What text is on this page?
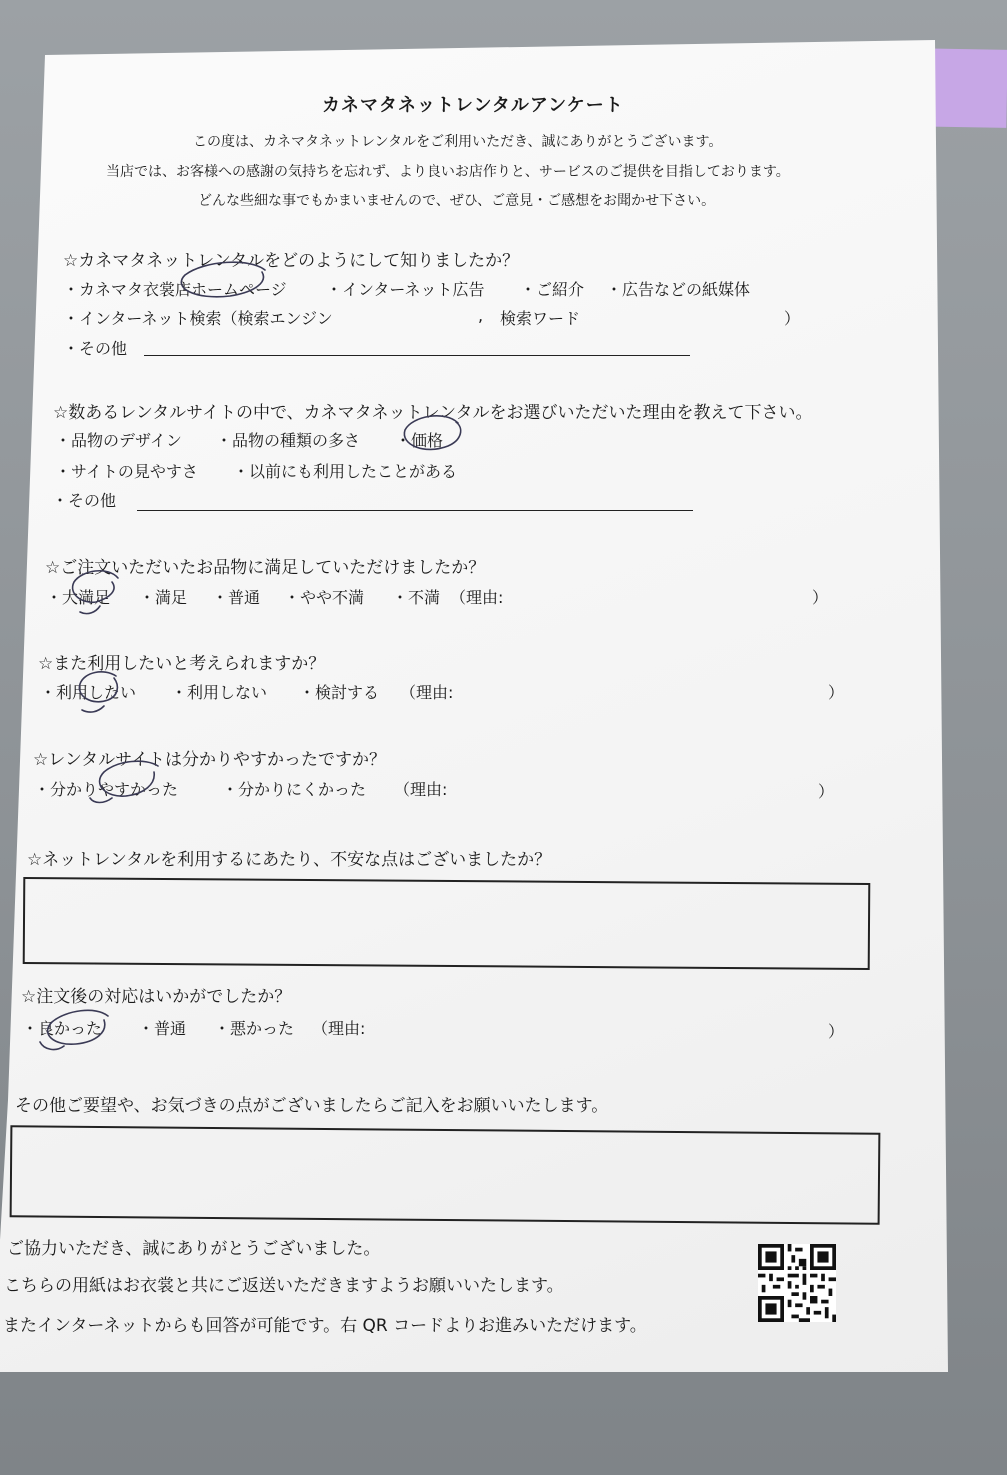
カネマタネットレンタルアンケート
この度は、カネマタネットレンタルをご利用いただき、誠にありがとうございます。
当店では、お客様への感謝の気持ちを忘れず、より良いお店作りと、サービスのご提供を目指しております。
どんな些細な事でもかまいませんので、ぜひ、ご意見・ご感想をお聞かせ下さい。
☆カネマタネットレンタルをどのようにして知りましたか？
・カネマタ衣裳店ホームページ ・インターネット広告 ・ご紹介 ・広告などの紙媒体
・インターネット検索（検索エンジン	, 検索ワード	）
・その他
☆数あるレンタルサイトの中で、カネマタネットレンタルをお選びいただいた理由を教えて下さい。
・品物のデザイン ・品物の種類の多さ ・価格
・サイトの見やすさ ・以前にも利用したことがある
・その他
☆ご注文いただいたお品物に満足していただけましたか？
・大満足 ・満足 ・普通 ・やや不満 ・不満 （理由:	）
☆また利用したいと考えられますか？
・利用したい ・利用しない ・検討する （理由:	）
☆レンタルサイトは分かりやすかったですか？
・分かりやすかった	・分かりにくかった （理由:	）
☆ネットレンタルを利用するにあたり、不安な点はございましたか？
☆注文後の対応はいかがでしたか？
・良かった ・普通 ・悪かった （理由:	）
その他ご要望や、お気づきの点がございましたらご記入をお願いいたします。
ご協力いただき、誠にありがとうございました。
こちらの用紙はお衣裳と共にご返送いただきますようお願いいたします。
またインターネットからも回答が可能です。右 QR コードよりお進みいただけます。
